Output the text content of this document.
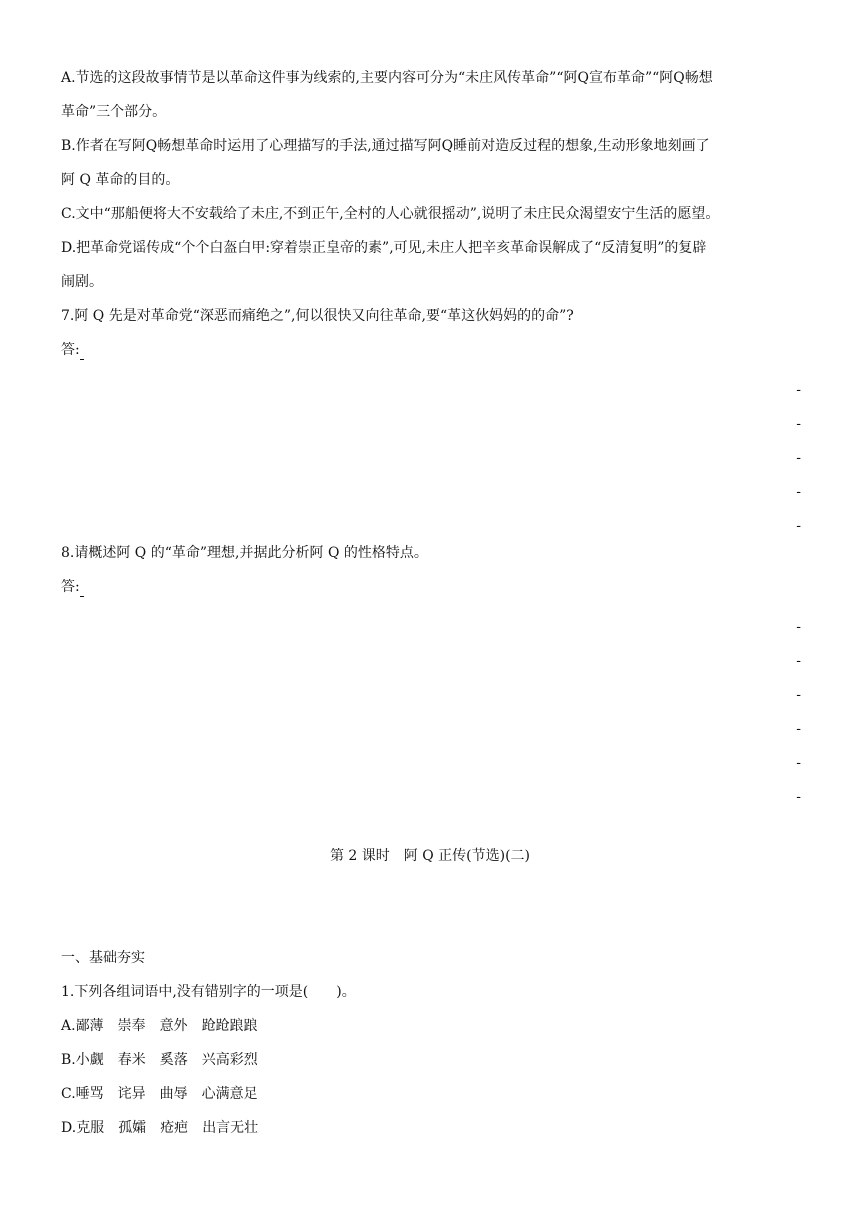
A.节选的这段故事情节是以革命这件事为线索的,主要内容可分为“未庄风传革命”“阿Q宣布革命”“阿Q畅想
革命”三个部分。
B.作者在写阿Q畅想革命时运用了心理描写的手法,通过描写阿Q睡前对造反过程的想象,生动形象地刻画了
阿 Q 革命的目的。
C.文中“那船便将大不安载给了未庄,不到正午,全村的人心就很摇动”,说明了未庄民众渴望安宁生活的愿望。
D.把革命党谣传成“个个白盔白甲:穿着崇正皇帝的素”,可见,未庄人把辛亥革命误解成了“反清复明”的复辟
闹剧。
7.阿 Q 先是对革命党“深恶而痛绝之”,何以很快又向往革命,要“革这伙妈妈的的命”?
答:
-
-
-
-
-
8.请概述阿 Q 的“革命”理想,并据此分析阿 Q 的性格特点。
答:
-
-
-
-
-
-
第 2 课时　阿 Q 正传(节选)(二)
一、基础夯实
1.下列各组词语中,没有错别字的一项是(　　)。
A.鄙薄 崇奉 意外 跄跄踉踉
B.小觑 春米 奚落 兴高彩烈
C.唾骂 诧异 曲辱 心满意足
D.克服 孤孀 疮疤 出言无壮
